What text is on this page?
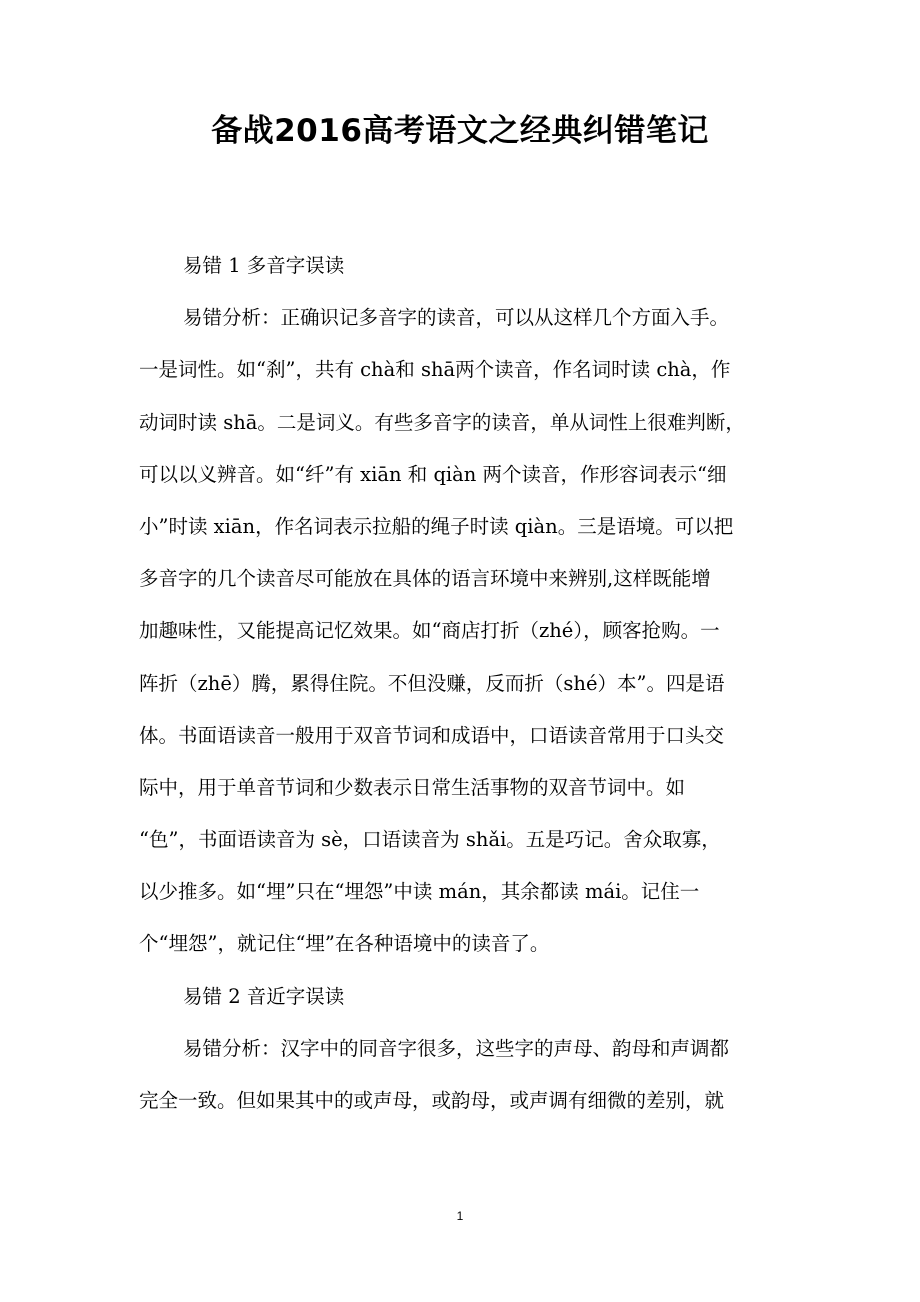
备战2016高考语文之经典纠错笔记
易错 1 多音字误读
易错分析：正确识记多音字的读音，可以从这样几个方面入手。
一是词性。如“刹”，共有 chà和 shā两个读音，作名词时读 chà，作
动词时读 shā。二是词义。有些多音字的读音，单从词性上很难判断，
可以以义辨音。如“纤”有 xiān 和 qiàn 两个读音，作形容词表示“细
小”时读 xiān，作名词表示拉船的绳子时读 qiàn。三是语境。可以把
多音字的几个读音尽可能放在具体的语言环境中来辨别,这样既能增
加趣味性，又能提高记忆效果。如“商店打折（zhé），顾客抢购。一
阵折（zhē）腾，累得住院。不但没赚，反而折（shé）本”。四是语
体。书面语读音一般用于双音节词和成语中，口语读音常用于口头交
际中，用于单音节词和少数表示日常生活事物的双音节词中。如
“色”，书面语读音为 sè，口语读音为 shǎi。五是巧记。舍众取寡，
以少推多。如“埋”只在“埋怨”中读 mán，其余都读 mái。记住一
个“埋怨”，就记住“埋”在各种语境中的读音了。
易错 2 音近字误读
易错分析：汉字中的同音字很多，这些字的声母、韵母和声调都
完全一致。但如果其中的或声母，或韵母，或声调有细微的差别，就
1
